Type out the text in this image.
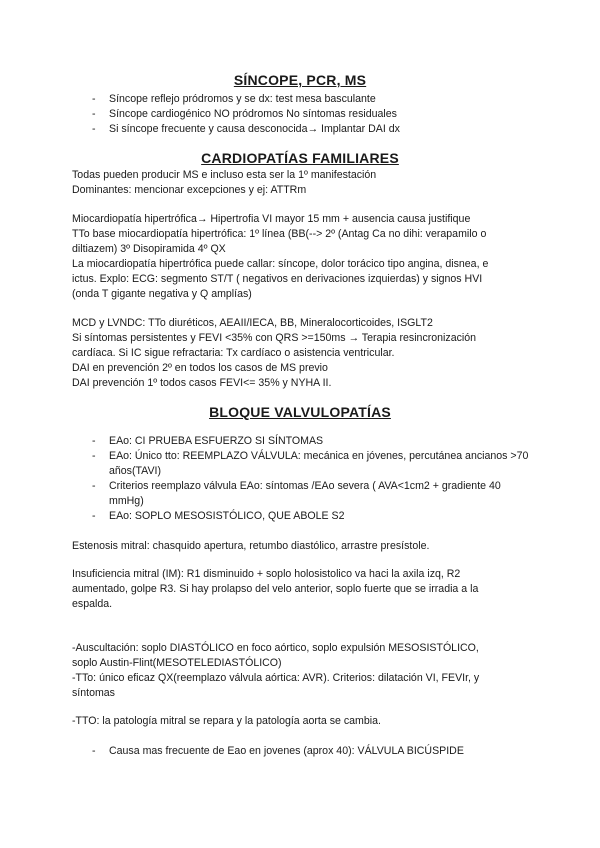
SÍNCOPE, PCR, MS
- Síncope reflejo pródromos y se dx: test mesa basculante
- Síncope cardiogénico NO pródromos No síntomas residuales
- Si síncope frecuente y causa desconocida→ Implantar DAI dx
CARDIOPATÍAS FAMILIARES
Todas pueden producir MS e incluso esta ser la 1º manifestación
Dominantes: mencionar excepciones y ej: ATTRm
Miocardiopatía hipertrófica→ Hipertrofia VI mayor 15 mm + ausencia causa justifique
TTo base miocardiopatía hipertrófica: 1º línea (BB(--> 2º (Antag Ca no dihi: verapamilo o
diltiazem) 3º Disopiramida 4º QX
La miocardiopatía hipertrófica puede callar: síncope, dolor torácico tipo angina, disnea, e
ictus. Explo: ECG: segmento ST/T ( negativos en derivaciones izquierdas) y signos HVI
(onda T gigante negativa y Q amplías)
MCD y LVNDC: TTo diuréticos, AEAII/IECA, BB, Mineralocorticoides, ISGLT2
Si síntomas persistentes y FEVI <35% con QRS >=150ms → Terapia resincronización
cardíaca. Si IC sigue refractaria: Tx cardíaco o asistencia ventricular.
DAI en prevención 2º en todos los casos de MS previo
DAI prevención 1º todos casos FEVI<= 35% y NYHA II.
BLOQUE VALVULOPATÍAS
- EAo: CI PRUEBA ESFUERZO SI SÍNTOMAS
- EAo: Único tto: REEMPLAZO VÁLVULA: mecánica en jóvenes, percutánea ancianos >70 años(TAVI)
- Criterios reemplazo válvula EAo: síntomas /EAo severa ( AVA<1cm2 + gradiente 40 mmHg)
- EAo: SOPLO MESOSISTÓLICO, QUE ABOLE S2
Estenosis mitral: chasquido apertura, retumbo diastólico, arrastre presístole.
Insuficiencia mitral (IM): R1 disminuido + soplo holosistolico va haci la axila izq, R2
aumentado, golpe R3. Si hay prolapso del velo anterior, soplo fuerte que se irradia a la
espalda.
-Auscultación: soplo DIASTÓLICO en foco aórtico, soplo expulsión MESOSISTÓLICO,
soplo Austin-Flint(MESOTELEDIASTÓLICO)
-TTo: único eficaz QX(reemplazo válvula aórtica: AVR). Criterios: dilatación VI, FEVIr, y
síntomas
-TTO: la patología mitral se repara y la patología aorta se cambia.
- Causa mas frecuente de Eao en jovenes (aprox 40): VÁLVULA BICÚSPIDE
